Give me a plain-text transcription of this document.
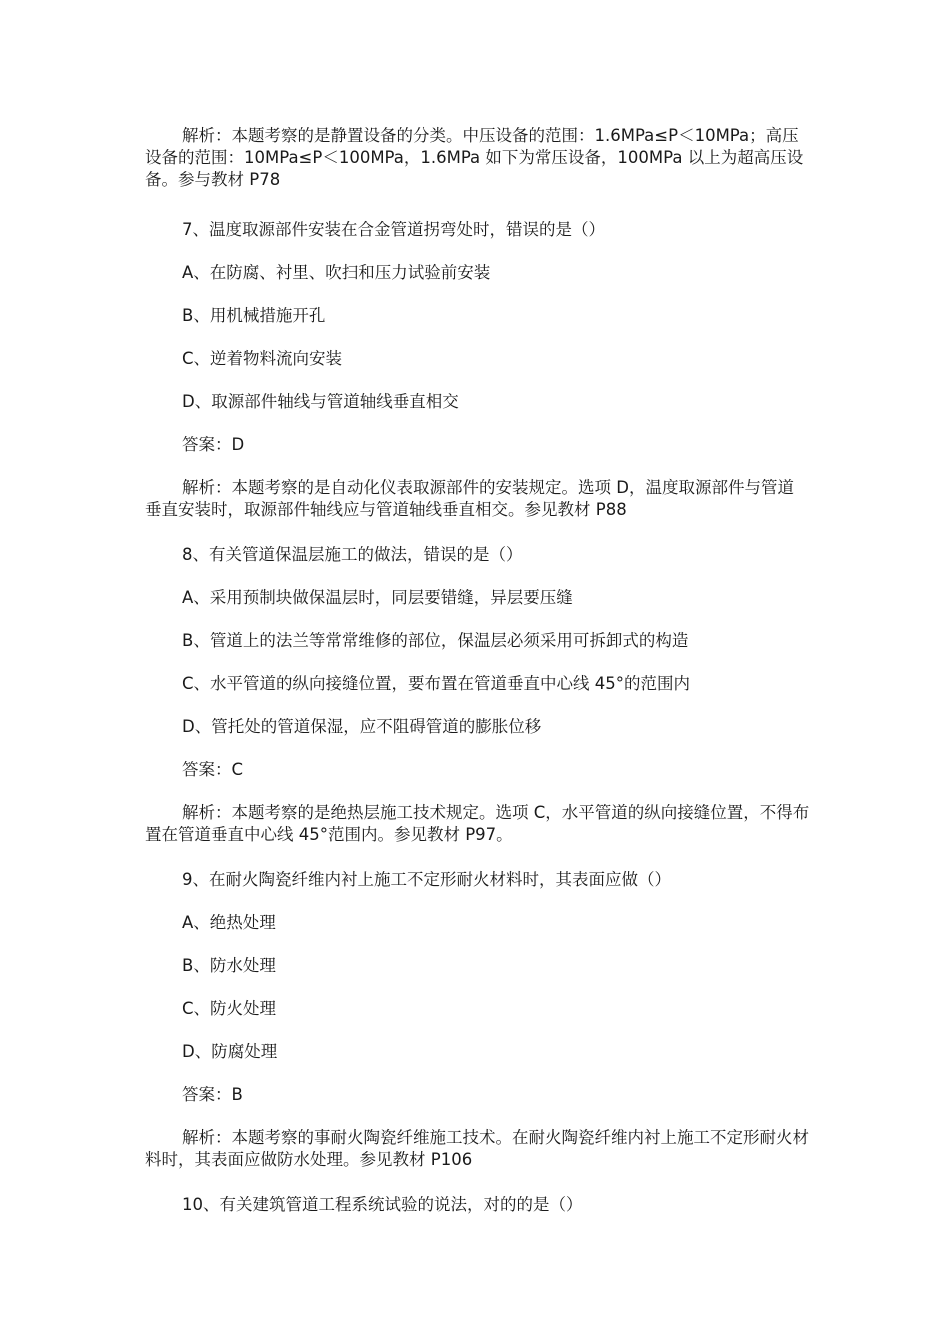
解析：本题考察的是静置设备的分类。中压设备的范围：1.6MPa≤P＜10MPa；高压设备的范围：10MPa≤P＜100MPa，1.6MPa 如下为常压设备，100MPa 以上为超高压设备。参与教材 P78

7、温度取源部件安装在合金管道拐弯处时，错误的是（）

A、在防腐、衬里、吹扫和压力试验前安装

B、用机械措施开孔

C、逆着物料流向安装

D、取源部件轴线与管道轴线垂直相交

答案：D

解析：本题考察的是自动化仪表取源部件的安装规定。选项 D，温度取源部件与管道垂直安装时，取源部件轴线应与管道轴线垂直相交。参见教材 P88

8、有关管道保温层施工的做法，错误的是（）

A、采用预制块做保温层时，同层要错缝，异层要压缝

B、管道上的法兰等常常维修的部位，保温层必须采用可拆卸式的构造

C、水平管道的纵向接缝位置，要布置在管道垂直中心线 45°的范围内

D、管托处的管道保湿，应不阻碍管道的膨胀位移

答案：C

解析：本题考察的是绝热层施工技术规定。选项 C，水平管道的纵向接缝位置，不得布置在管道垂直中心线 45°范围内。参见教材 P97。

9、在耐火陶瓷纤维内衬上施工不定形耐火材料时，其表面应做（）

A、绝热处理

B、防水处理

C、防火处理

D、防腐处理

答案：B

解析：本题考察的事耐火陶瓷纤维施工技术。在耐火陶瓷纤维内衬上施工不定形耐火材料时，其表面应做防水处理。参见教材 P106

10、有关建筑管道工程系统试验的说法，对的的是（）
